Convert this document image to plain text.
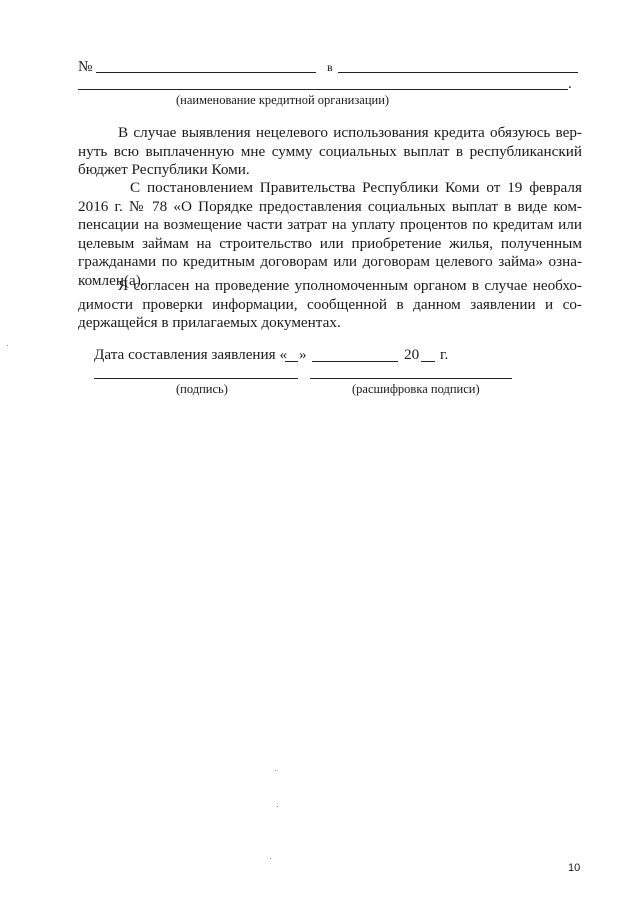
№	в
.
(наименование кредитной организации)
В случае выявления нецелевого использования кредита обязуюсь вер-
нуть всю выплаченную мне сумму социальных выплат в республиканский
бюджет Республики Коми.
С постановлением Правительства Республики Коми от 19 февраля
2016 г. № 78 «О Порядке предоставления социальных выплат в виде ком-
пенсации на возмещение части затрат на уплату процентов по кредитам или
целевым займам на строительство или приобретение жилья, полученным
гражданами по кредитным договорам или договорам целевого займа» озна-
комлен(а).
Я согласен на проведение уполномоченным органом в случае необхо-
димости проверки информации, сообщенной в данном заявлении и со-
держащейся в прилагаемых документах.
Дата составления заявления « »	20 г.
(подпись)	(расшифровка подписи)
10
